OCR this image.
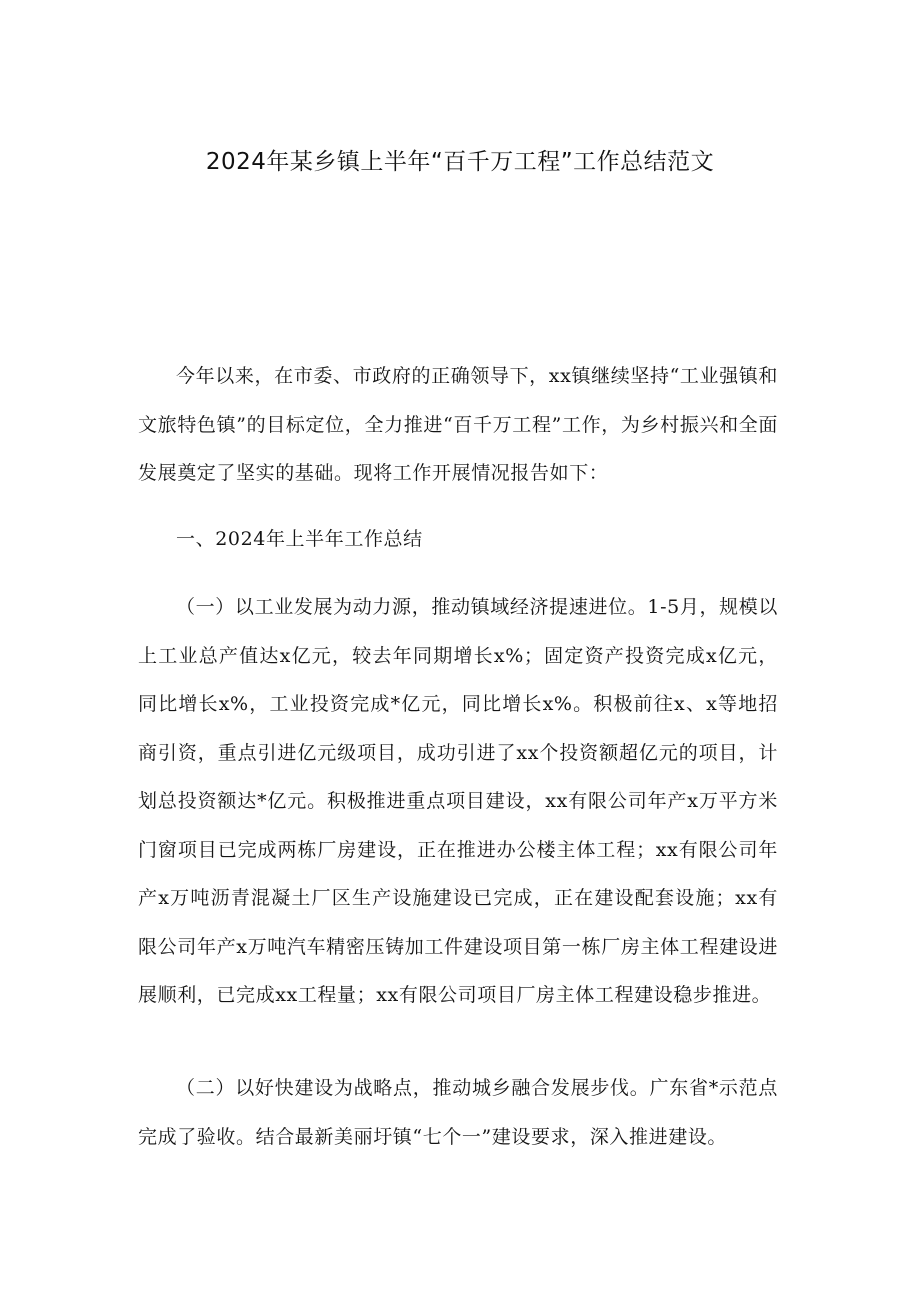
2024年某乡镇上半年“百千万工程”工作总结范文

今年以来，在市委、市政府的正确领导下，xx镇继续坚持“工业强镇和文旅特色镇”的目标定位，全力推进“百千万工程”工作，为乡村振兴和全面发展奠定了坚实的基础。现将工作开展情况报告如下：

一、2024年上半年工作总结

（一）以工业发展为动力源，推动镇域经济提速进位。1-5月，规模以上工业总产值达x亿元，较去年同期增长x%；固定资产投资完成x亿元，同比增长x%，工业投资完成*亿元，同比增长x%。积极前往x、x等地招商引资，重点引进亿元级项目，成功引进了xx个投资额超亿元的项目，计划总投资额达*亿元。积极推进重点项目建设，xx有限公司年产x万平方米门窗项目已完成两栋厂房建设，正在推进办公楼主体工程；xx有限公司年产x万吨沥青混凝土厂区生产设施建设已完成，正在建设配套设施；xx有限公司年产x万吨汽车精密压铸加工件建设项目第一栋厂房主体工程建设进展顺利，已完成xx工程量；xx有限公司项目厂房主体工程建设稳步推进。

（二）以好快建设为战略点，推动城乡融合发展步伐。广东省*示范点完成了验收。结合最新美丽圩镇“七个一”建设要求，深入推进建设。
